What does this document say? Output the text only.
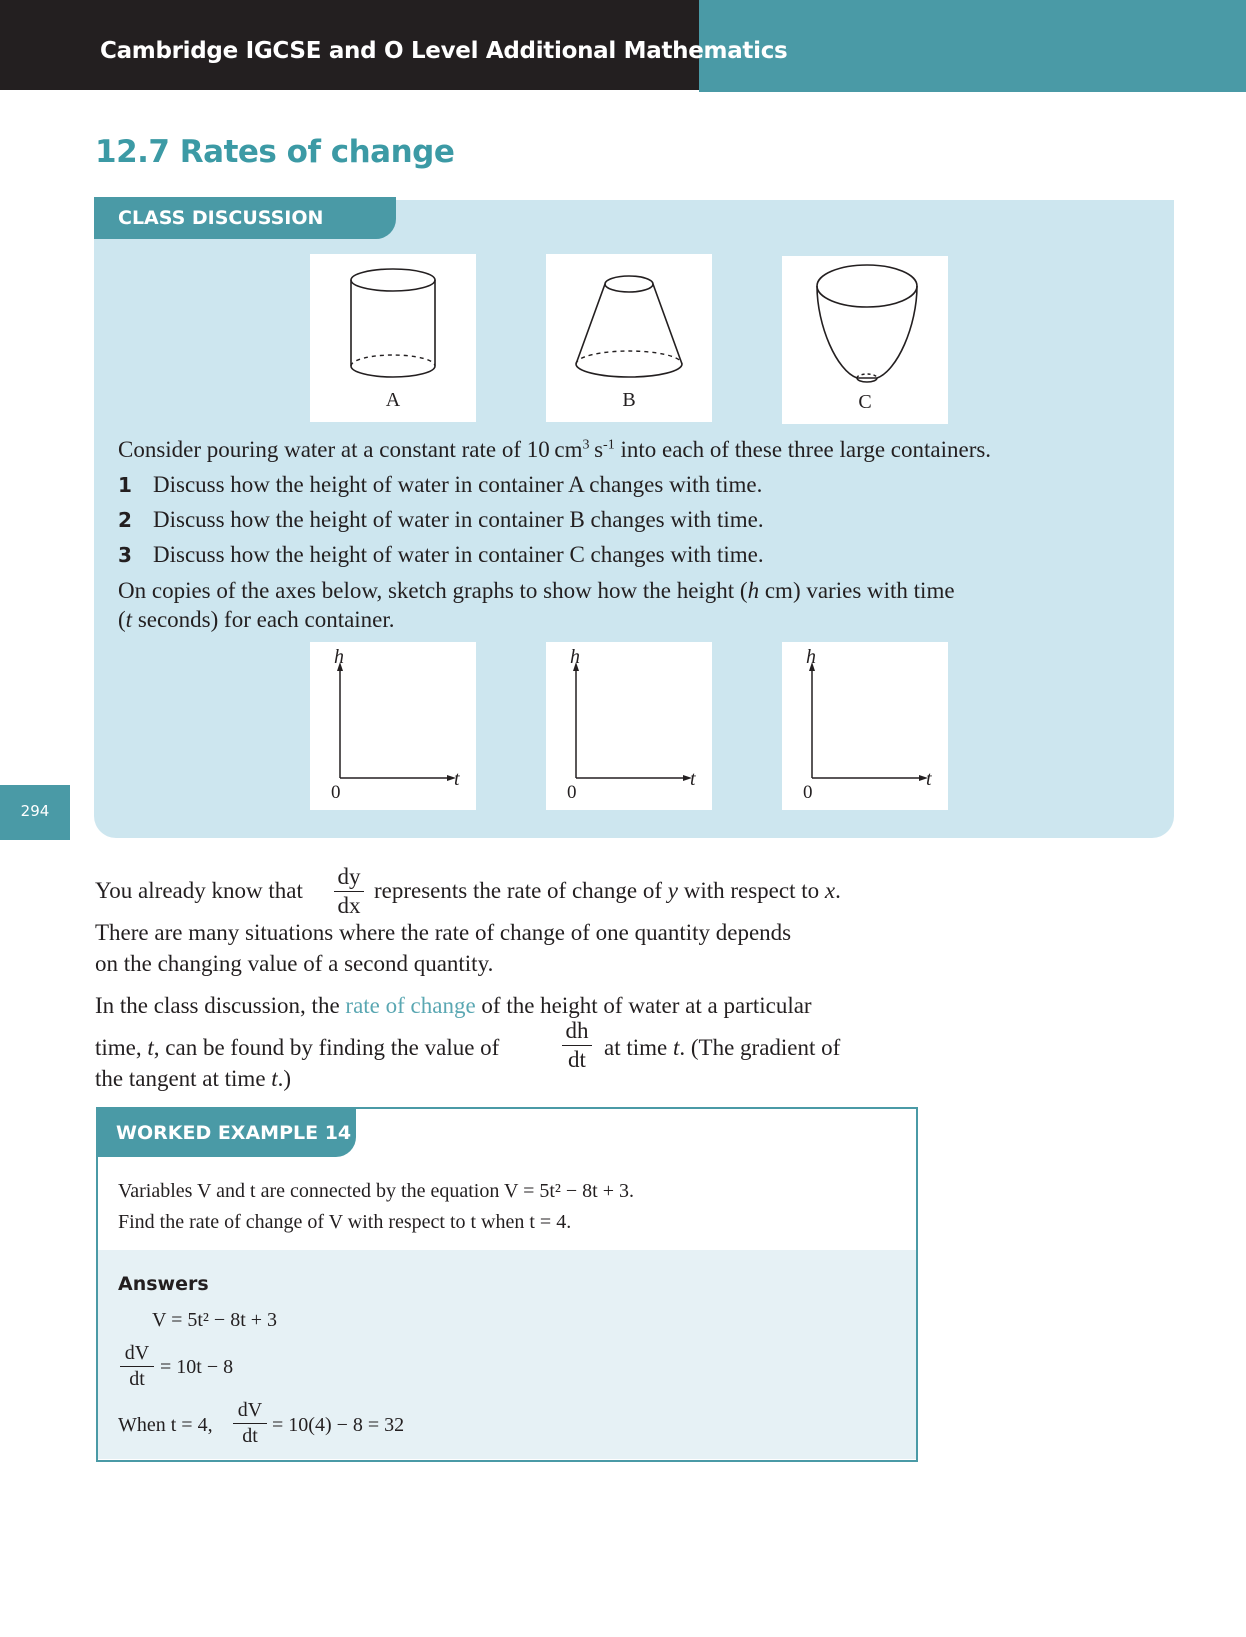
Cambridge IGCSE and O Level Additional Mathematics
12.7 Rates of change
CLASS DISCUSSION
A	B	C
Consider pouring water at a constant rate of 10 $cm^3$ $s^{-1}$ into each of these three large containers.
1 Discuss how the height of water in container A changes with time.
2 Discuss how the height of water in container B changes with time.
3 Discuss how the height of water in container C changes with time.
On copies of the axes below, sketch graphs to show how the height (h cm) varies with time
(t seconds) for each container.
h
t
0
h
t
0
h
t
0
294
You already know that
dy
dx
represents the rate of change of y with respect to x.
There are many situations where the rate of change of one quantity depends
on the changing value of a second quantity.
In the class discussion, the rate of change of the height of water at a particular
time, t, can be found by finding the value of
dh
dt at time t. (The gradient of
the tangent at time t.)
WORKED EXAMPLE 14
Variables V and t are connected by the equation V = 5t² − 8t + 3.
Find the rate of change of V with respect to t when t = 4.
Answers
V = 5t² − 8t + 3
dV
dt
= 10t − 8
When t = 4,
dV
dt = 10(4) − 8 = 32
